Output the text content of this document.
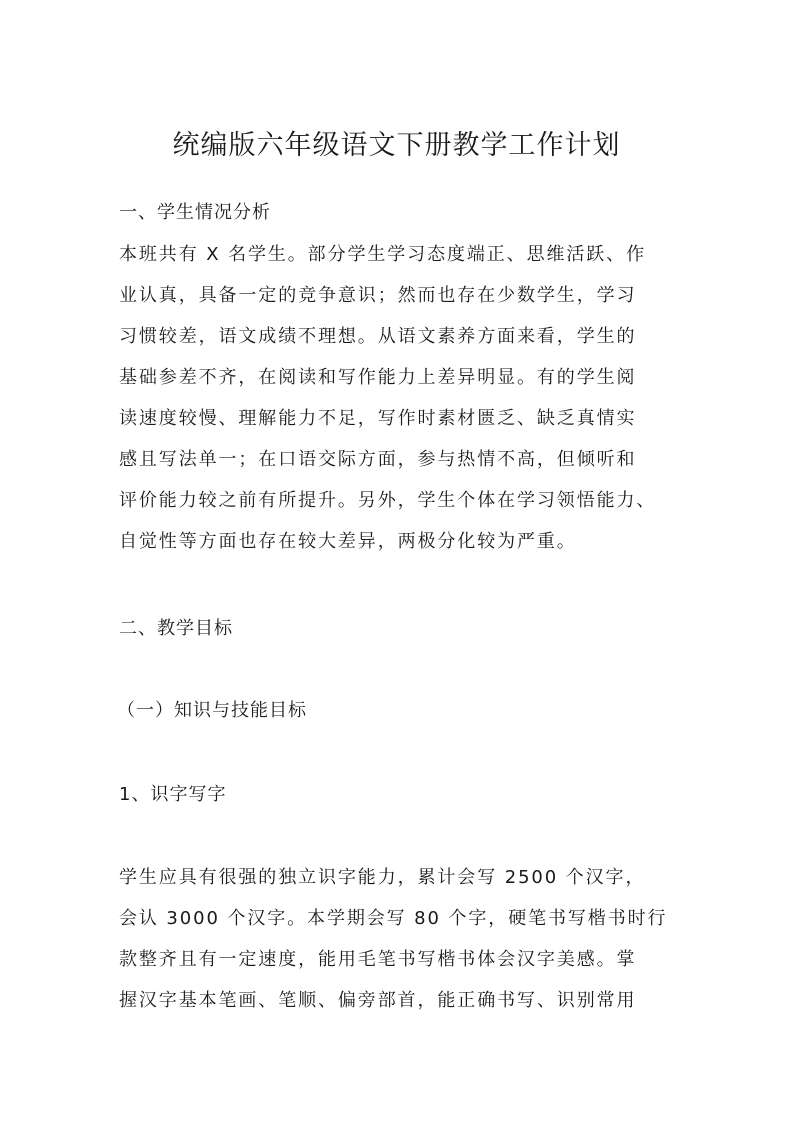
统编版六年级语文下册教学工作计划

一、学生情况分析

本班共有 X 名学生。部分学生学习态度端正、思维活跃、作
业认真，具备一定的竞争意识；然而也存在少数学生，学习
习惯较差，语文成绩不理想。从语文素养方面来看，学生的
基础参差不齐，在阅读和写作能力上差异明显。有的学生阅
读速度较慢、理解能力不足，写作时素材匮乏、缺乏真情实
感且写法单一；在口语交际方面，参与热情不高，但倾听和
评价能力较之前有所提升。另外，学生个体在学习领悟能力、
自觉性等方面也存在较大差异，两极分化较为严重。

二、教学目标

（一）知识与技能目标

1、识字写字

学生应具有很强的独立识字能力，累计会写 2500 个汉字，
会认 3000 个汉字。本学期会写 80 个字，硬笔书写楷书时行
款整齐且有一定速度，能用毛笔书写楷书体会汉字美感。掌
握汉字基本笔画、笔顺、偏旁部首，能正确书写、识别常用
